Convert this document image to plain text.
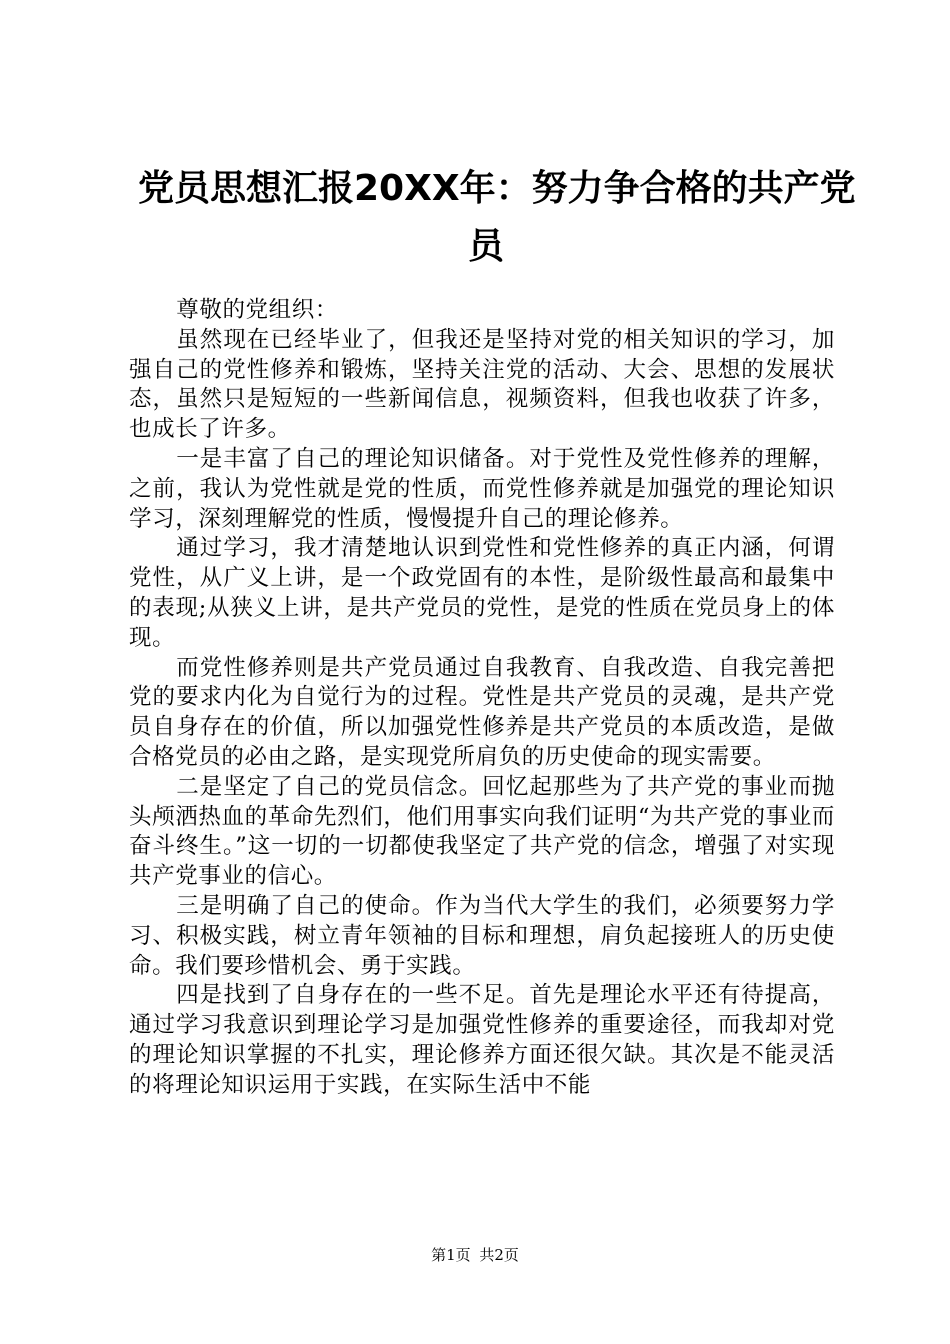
党员思想汇报20XX年：努力争合格的共产党
员

尊敬的党组织：

虽然现在已经毕业了，但我还是坚持对党的相关知识的学习，加强自己的党性修养和锻炼，坚持关注党的活动、大会、思想的发展状态，虽然只是短短的一些新闻信息，视频资料，但我也收获了许多，也成长了许多。

一是丰富了自己的理论知识储备。对于党性及党性修养的理解，之前，我认为党性就是党的性质，而党性修养就是加强党的理论知识学习，深刻理解党的性质，慢慢提升自己的理论修养。

通过学习，我才清楚地认识到党性和党性修养的真正内涵，何谓党性，从广义上讲，是一个政党固有的本性，是阶级性最高和最集中的表现;从狭义上讲，是共产党员的党性，是党的性质在党员身上的体现。

而党性修养则是共产党员通过自我教育、自我改造、自我完善把党的要求内化为自觉行为的过程。党性是共产党员的灵魂，是共产党员自身存在的价值，所以加强党性修养是共产党员的本质改造，是做合格党员的必由之路，是实现党所肩负的历史使命的现实需要。

二是坚定了自己的党员信念。回忆起那些为了共产党的事业而抛头颅洒热血的革命先烈们，他们用事实向我们证明“为共产党的事业而奋斗终生。”这一切的一切都使我坚定了共产党的信念，增强了对实现共产党事业的信心。

三是明确了自己的使命。作为当代大学生的我们，必须要努力学习、积极实践，树立青年领袖的目标和理想，肩负起接班人的历史使命。我们要珍惜机会、勇于实践。

四是找到了自身存在的一些不足。首先是理论水平还有待提高，通过学习我意识到理论学习是加强党性修养的重要途径，而我却对党的理论知识掌握的不扎实，理论修养方面还很欠缺。其次是不能灵活的将理论知识运用于实践，在实际生活中不能

第1页 共2页
